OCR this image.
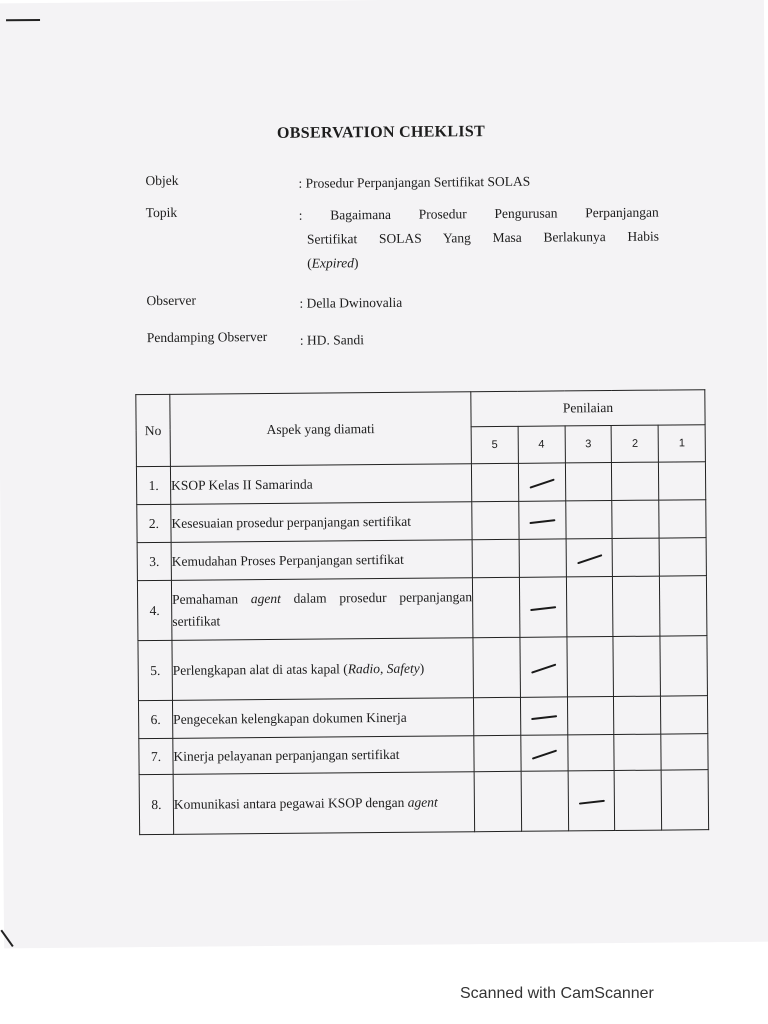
OBSERVATION CHEKLIST
Objek	: Prosedur Perpanjangan Sertifikat SOLAS
Topik	: Bagaimana Prosedur Pengurusan Perpanjangan
Sertifikat SOLAS Yang Masa Berlakunya Habis
(Expired)
Observer	: Della Dwinovalia
Pendamping Observer : HD. Sandi
No	Aspek yang diamati	Penilaian				
		5	4	3	2	1
1.	KSOP Kelas II Samarinda		

2.	Kesesuaian prosedur perpanjangan sertifikat		

3.	Kemudahan Proses Perpanjangan sertifikat			

4.	Pemahaman agent dalam prosedur perpanjangan sertifikat		

5.	Perlengkapan alat di atas kapal (Radio, Safety)		

6.	Pengecekan kelengkapan dokumen Kinerja		

7.	Kinerja pelayanan perpanjangan sertifikat		

8.	Komunikasi antara pegawai KSOP dengan agent			

Scanned with CamScanner
